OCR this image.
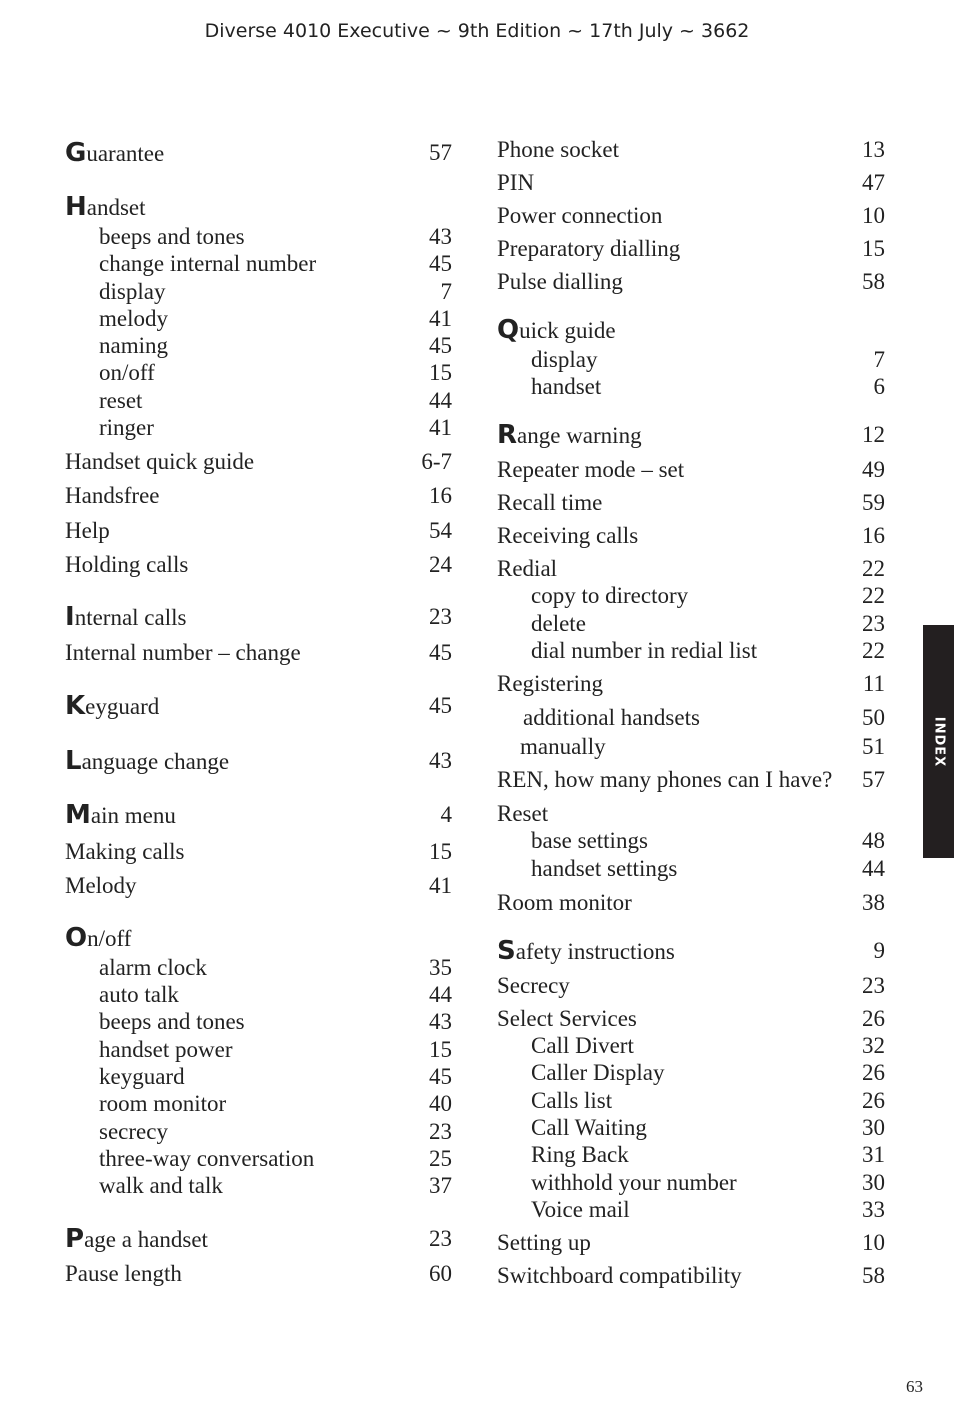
Diverse 4010 Executive ~ 9th Edition ~ 17th July ~ 3662
Guarantee	57
Handset
beeps and tones	43
change internal number	45
display	7
melody	41
naming	45
on/off	15
reset	44
ringer	41
Handset quick guide	6-7
Handsfree	16
Help	54
Holding calls	24
Internal calls	23
Internal number – change	45
Keyguard	45
Language change	43
Main menu	4
Making calls	15
Melody	41
On/off
alarm clock	35
auto talk	44
beeps and tones	43
handset power	15
keyguard	45
room monitor	40
secrecy	23
three-way conversation	25
walk and talk	37
Page a handset	23
Pause length	60
Phone socket	13
PIN	47
Power connection	10
Preparatory dialling	15
Pulse dialling	58
Quick guide
display	7
handset	6
Range warning	12
Repeater mode – set	49
Recall time	59
Receiving calls	16
Redial	22
copy to directory	22
delete	23
dial number in redial list	22
Registering	11
additional handsets	50
manually	51
REN, how many phones can I have? 57
Reset
base settings	48
handset settings	44
Room monitor	38
Safety instructions	9
Secrecy	23
Select Services	26
Call Divert	32
Caller Display	26
Calls list	26
Call Waiting	30
Ring Back	31
withhold your number	30
Voice mail	33
Setting up	10
Switchboard compatibility	58
INDEX
63
